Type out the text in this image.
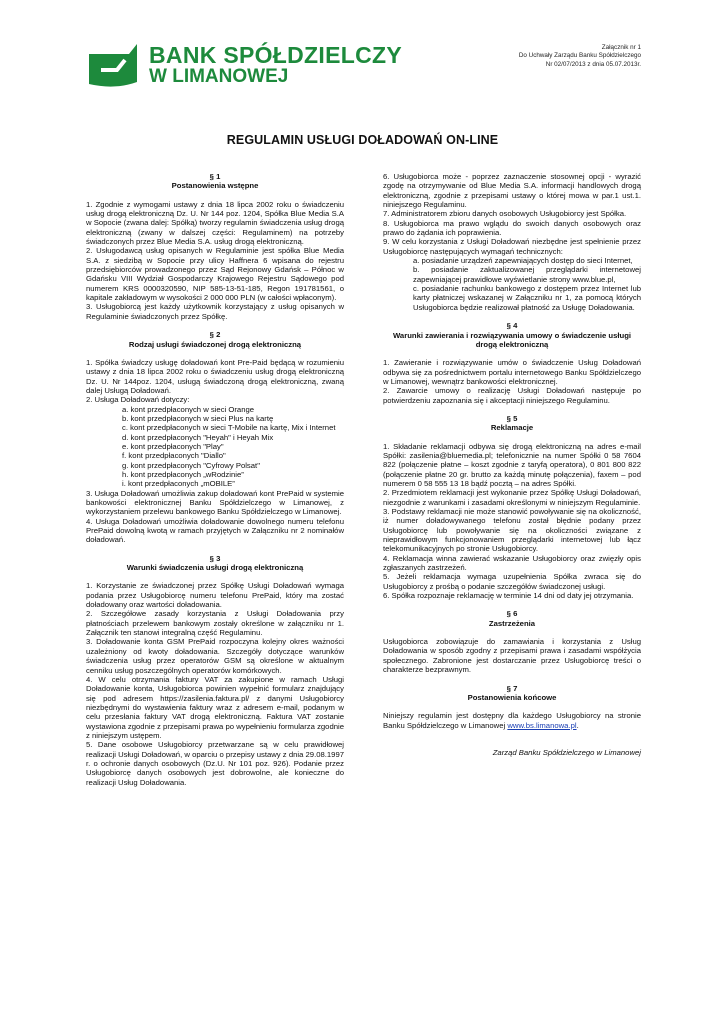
BANK SPÓŁDZIELCZY
W LIMANOWEJ
Załącznik nr 1
Do Uchwały Zarządu Banku Spółdzielczego
Nr 02/07/2013 z dnia 05.07.2013r.
REGULAMIN USŁUGI DOŁADOWAŃ ON-LINE
§ 1
Postanowienia wstępne

1. Zgodnie z wymogami ustawy z dnia 18 lipca 2002 roku o świadczeniu usług drogą elektroniczną Dz. U. Nr 144 poz. 1204, Spółka Blue Media S.A w Sopocie (zwana dalej: Spółką) tworzy regulamin świadczenia usług drogą elektroniczną (zwany w dalszej części: Regulaminem) na potrzeby świadczonych przez Blue Media S.A. usług drogą elektroniczną.

2. Usługodawcą usług opisanych w Regulaminie jest spółka Blue Media S.A. z siedzibą w Sopocie przy ulicy Haffnera 6 wpisana do rejestru przedsiębiorców prowadzonego przez Sąd Rejonowy Gdańsk – Północ w Gdańsku VIII Wydział Gospodarczy Krajowego Rejestru Sądowego pod numerem KRS 0000320590, NIP 585-13-51-185, Regon 191781561, o kapitale zakładowym w wysokości 2 000 000 PLN (w całości wpłaconym).

3. Usługobiorcą jest każdy użytkownik korzystający z usług opisanych w Regulaminie świadczonych przez Spółkę.

§ 2
Rodzaj usługi świadczonej drogą elektroniczną

1. Spółka świadczy usługę doładowań kont Pre-Paid będącą w rozumieniu ustawy z dnia 18 lipca 2002 roku o świadczeniu usług drogą elektroniczną Dz. U. Nr 144poz. 1204, usługą świadczoną drogą elektroniczną, zwaną dalej Usługą Doładowań.

2. Usługa Doładowań dotyczy:

a. kont przedpłaconych w sieci Orange
b. kont przedpłaconych w sieci Plus na kartę
c. kont przedpłaconych w sieci T-Mobile na kartę, Mix i Internet
d. kont przedpłaconych "Heyah" i Heyah Mix
e. kont przedpłaconych "Play"
f. kont przedpłaconych "Diallo"
g. kont przedpłaconych "Cyfrowy Polsat"
h. kont przedpłaconych „wRodzinie”
i. kont przedpłaconych „mOBILE”

3. Usługa Doładowań umożliwia zakup doładowań kont PrePaid w systemie bankowości elektronicznej Banku Spółdzielczego w Limanowej, z wykorzystaniem przelewu bankowego Banku Spółdzielczego w Limanowej.

4. Usługa Doładowań umożliwia doładowanie dowolnego numeru telefonu PrePaid dowolną kwotą w ramach przyjętych w Załączniku nr 2 nominałów doładowań.

§ 3
Warunki świadczenia usługi drogą elektroniczną

1. Korzystanie ze świadczonej przez Spółkę Usługi Doładowań wymaga podania przez Usługobiorcę numeru telefonu PrePaid, który ma zostać doładowany oraz wartości doładowania.

2. Szczegółowe zasady korzystania z Usługi Doładowania przy płatnościach przelewem bankowym zostały określone w załączniku nr 1. Załącznik ten stanowi integralną część Regulaminu.

3. Doładowanie konta GSM PrePaid rozpoczyna kolejny okres ważności uzależniony od kwoty doładowania. Szczegóły dotyczące warunków świadczenia usług przez operatorów GSM są określone w aktualnym cenniku usług poszczególnych operatorów komórkowych.

4. W celu otrzymania faktury VAT za zakupione w ramach Usługi Doładowanie konta, Usługobiorca powinien wypełnić formularz znajdujący się pod adresem https://zasilenia.faktura.pl/ z danymi Usługobiorcy niezbędnymi do wystawienia faktury wraz z adresem e-mail, podanym w celu przesłania faktury VAT drogą elektroniczną. Faktura VAT zostanie wystawiona zgodnie z przepisami prawa po wypełnieniu formularza zgodnie z niniejszym ustępem.

5. Dane osobowe Usługobiorcy przetwarzane są w celu prawidłowej realizacji Usługi Doładowań, w oparciu o przepisy ustawy z dnia 29.08.1997 r. o ochronie danych osobowych (Dz.U. Nr 101 poz. 926). Podanie przez Usługobiorcę danych osobowych jest dobrowolne, ale konieczne do realizacji Usług Doładowania.

6. Usługobiorca może - poprzez zaznaczenie stosownej opcji - wyrazić zgodę na otrzymywanie od Blue Media S.A. informacji handlowych drogą elektroniczną, zgodnie z przepisami ustawy o której mowa w par.1 ust.1. niniejszego Regulaminu.

7. Administratorem zbioru danych osobowych Usługobiorcy jest Spółka.

8. Usługobiorca ma prawo wglądu do swoich danych osobowych oraz prawo do żądania ich poprawienia.

9. W celu korzystania z Usługi Doładowań niezbędne jest spełnienie przez Usługobiorcę następujących wymagań technicznych:

a. posiadanie urządzeń zapewniających dostęp do sieci Internet,

b. posiadanie zaktualizowanej przeglądarki internetowej zapewniającej prawidłowe wyświetlanie strony www.blue.pl,

c. posiadanie rachunku bankowego z dostępem przez Internet lub karty płatniczej wskazanej w Załączniku nr 1, za pomocą których Usługobiorca będzie realizował płatność za Usługę Doładowania.

§ 4
Warunki zawierania i rozwiązywania umowy o świadczenie usługi drogą elektroniczną

1. Zawieranie i rozwiązywanie umów o świadczenie Usług Doładowań odbywa się za pośrednictwem portalu internetowego Banku Spółdzielczego w Limanowej, wewnątrz bankowości elektronicznej.

2. Zawarcie umowy o realizację Usługi Doładowań następuje po potwierdzeniu zapoznania się i akceptacji niniejszego Regulaminu.

§ 5
Reklamacje

1. Składanie reklamacji odbywa się drogą elektroniczną na adres e-mail Spółki: zasilenia@bluemedia.pl; telefonicznie na numer Spółki 0 58 7604 822 (połączenie płatne – koszt zgodnie z taryfą operatora), 0 801 800 822 (połączenie płatne 20 gr. brutto za każdą minutę połączenia), faxem – pod numerem 0 58 555 13 18 bądź pocztą – na adres Spółki.

2. Przedmiotem reklamacji jest wykonanie przez Spółkę Usługi Doładowań, niezgodnie z warunkami i zasadami określonymi w niniejszym Regulaminie.

3. Podstawy reklamacji nie może stanowić powoływanie się na okoliczność, iż numer doładowywanego telefonu został błędnie podany przez Usługobiorcę lub powoływanie się na okoliczności związane z nieprawidłowym funkcjonowaniem przeglądarki internetowej lub łącz telekomunikacyjnych po stronie Usługobiorcy.

4. Reklamacja winna zawierać wskazanie Usługobiorcy oraz zwięzły opis zgłaszanych zastrzeżeń.

5. Jeżeli reklamacja wymaga uzupełnienia Spółka zwraca się do Usługobiorcy z prośbą o podanie szczegółów świadczonej usługi.

6. Spółka rozpoznaje reklamację w terminie 14 dni od daty jej otrzymania.

§ 6
Zastrzeżenia

Usługobiorca zobowiązuje do zamawiania i korzystania z Usług Doładowania w sposób zgodny z przepisami prawa i zasadami współżycia społecznego. Zabronione jest dostarczanie przez Usługobiorcę treści o charakterze bezprawnym.

§ 7
Postanowienia końcowe

Niniejszy regulamin jest dostępny dla każdego Usługobiorcy na stronie Banku Spółdzielczego w Limanowej www.bs.limanowa.pl.

Zarząd Banku Spółdzielczego w Limanowej
